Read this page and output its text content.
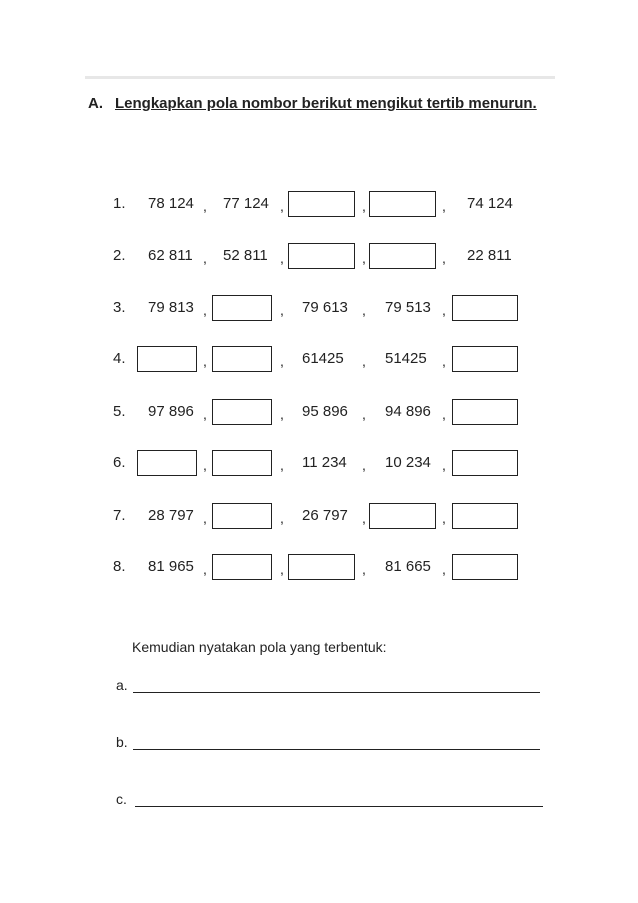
A. Lengkapkan pola nombor berikut mengikut tertib menurun.
1. 78 124 , 77 124 ,	,	, 74 124
2. 62 811 , 52 811 ,	,	, 22 811
3. 79 813 ,	, 79 613 , 79 513 ,
4.	,	, 61425 , 51425 ,
5. 97 896 ,	, 95 896 , 94 896 ,
6.	,	, 11 234 , 10 234 ,
7. 28 797 ,	, 26 797 ,	,
8. 81 965 ,	,	, 81 665 ,
Kemudian nyatakan pola yang terbentuk:
a.
b.
c.
